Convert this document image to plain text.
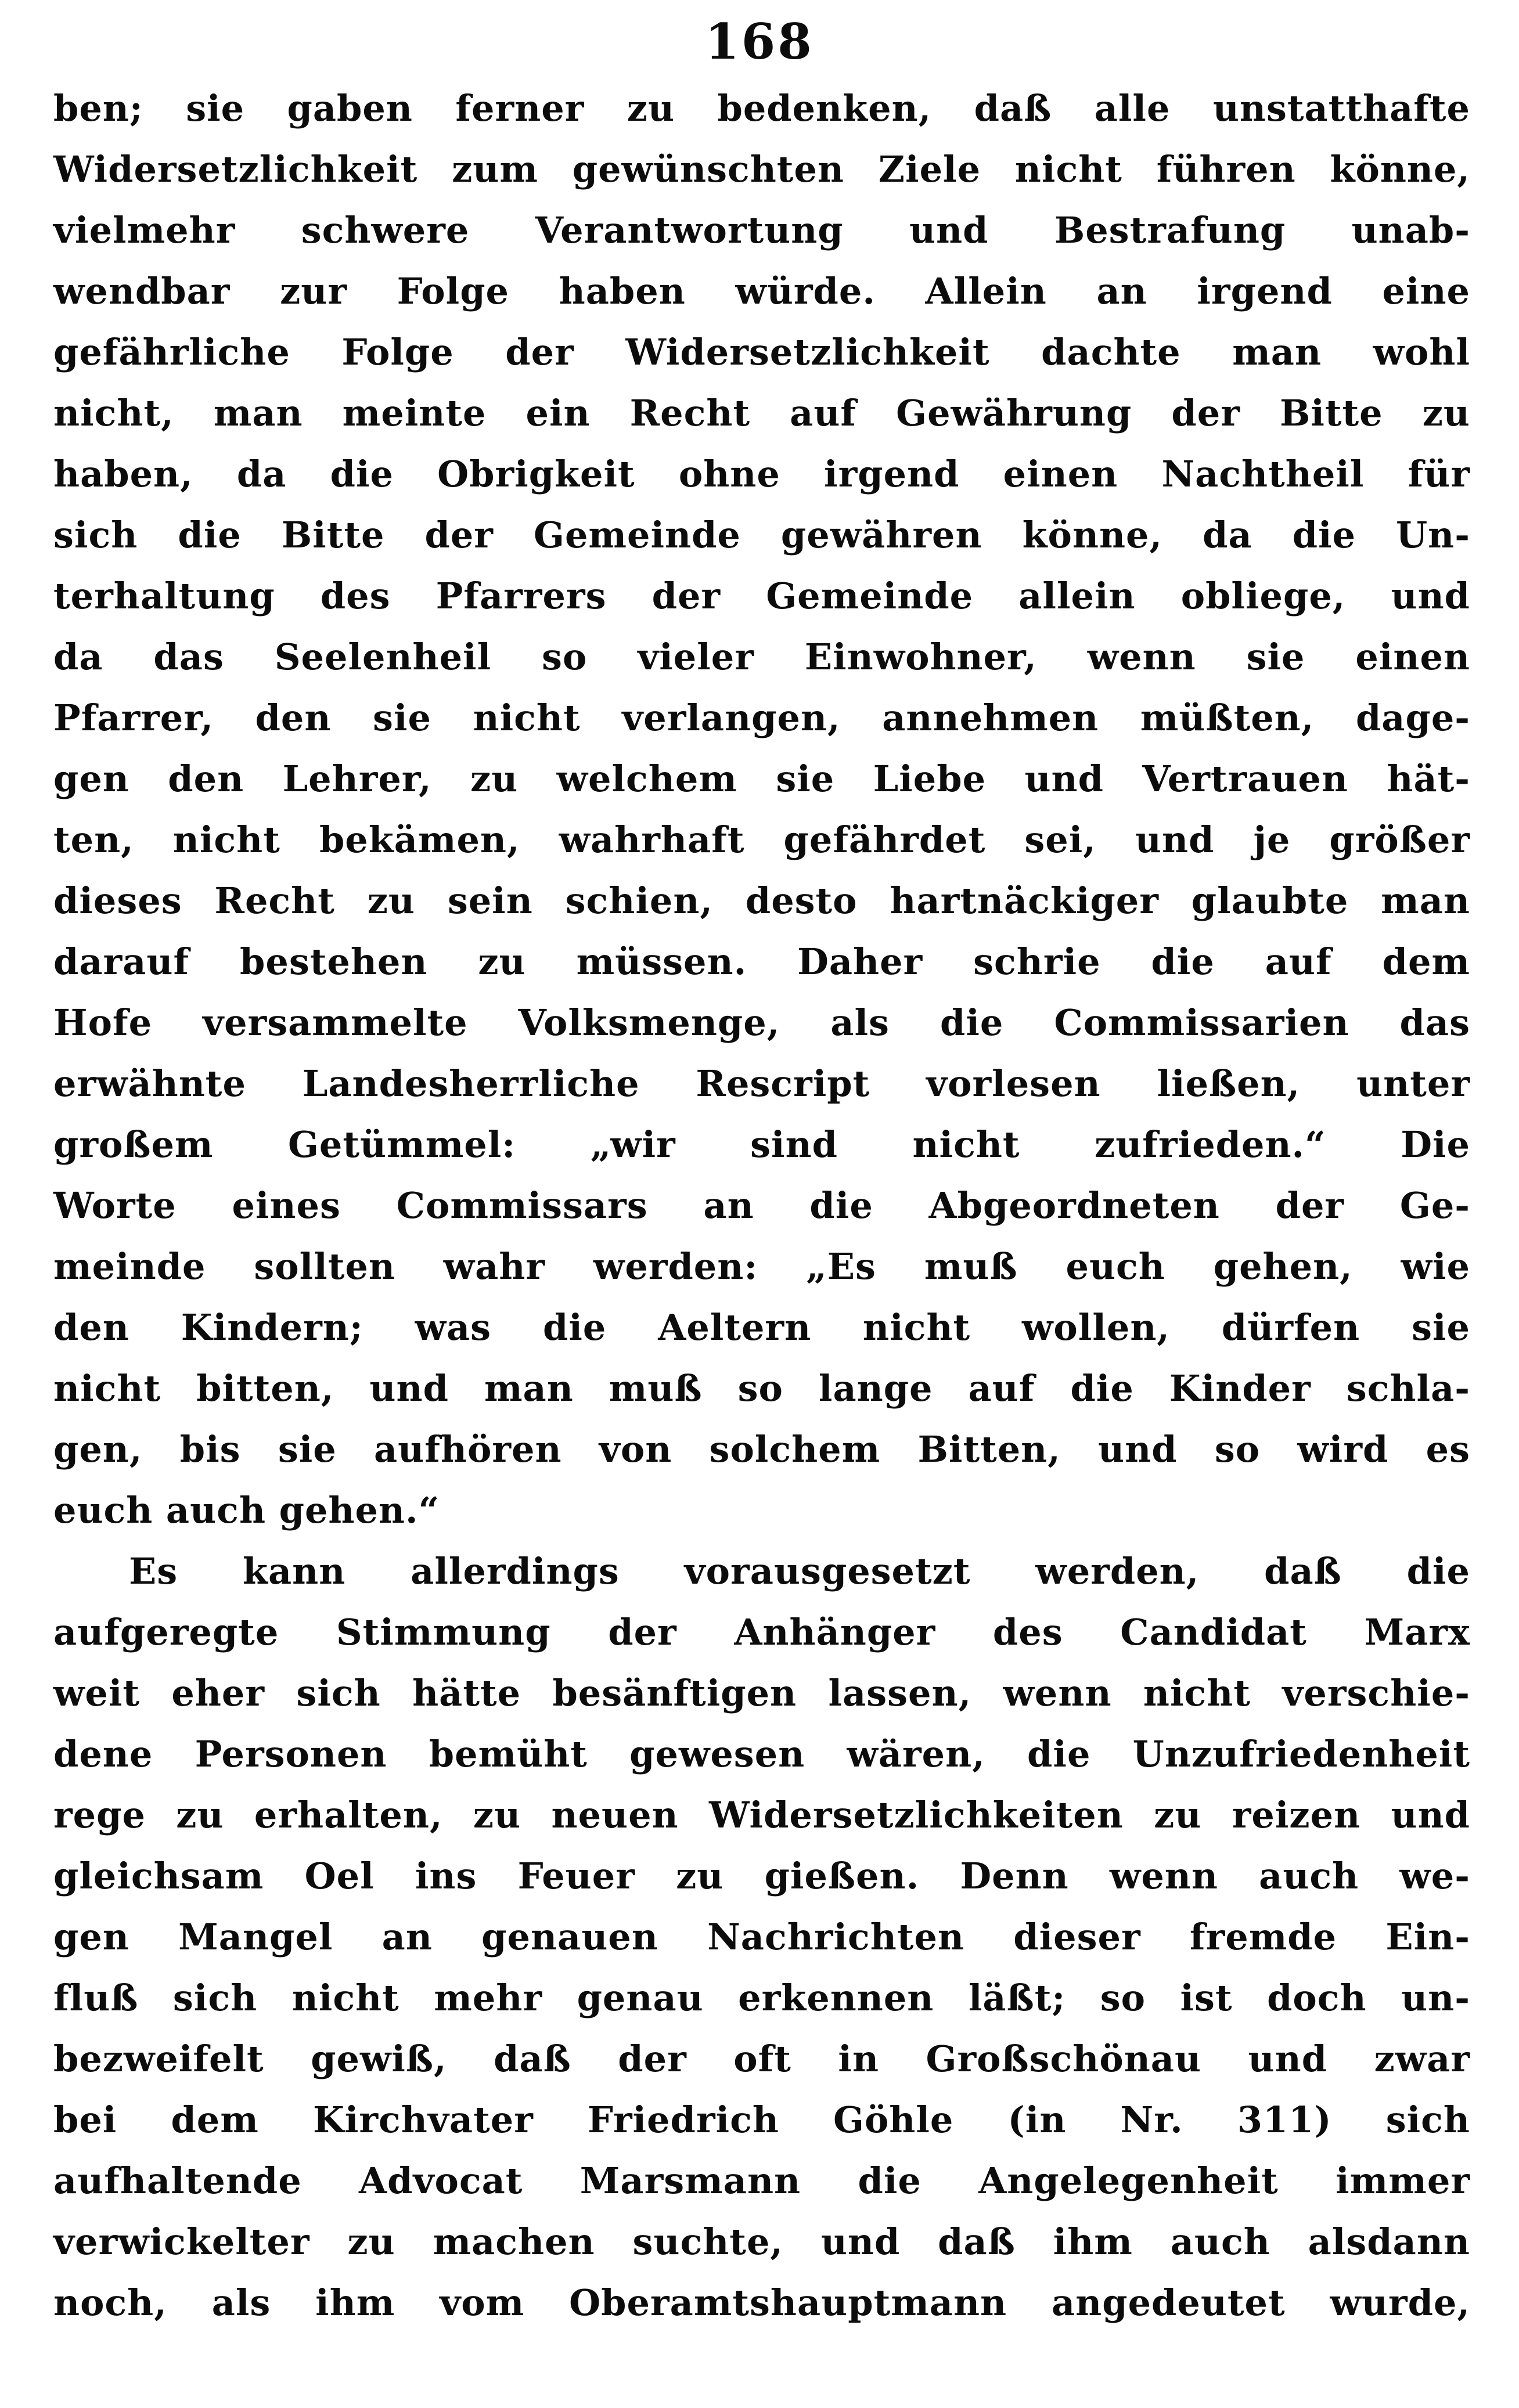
168
ben; sie gaben ferner zu bedenken, daß alle unstatthafte
Widersetzlichkeit zum gewünschten Ziele nicht führen könne,
vielmehr schwere Verantwortung und Bestrafung unab-
wendbar zur Folge haben würde. Allein an irgend eine
gefährliche Folge der Widersetzlichkeit dachte man wohl
nicht, man meinte ein Recht auf Gewährung der Bitte zu
haben, da die Obrigkeit ohne irgend einen Nachtheil für
sich die Bitte der Gemeinde gewähren könne, da die Un-
terhaltung des Pfarrers der Gemeinde allein obliege, und
da das Seelenheil so vieler Einwohner, wenn sie einen
Pfarrer, den sie nicht verlangen, annehmen müßten, dage-
gen den Lehrer, zu welchem sie Liebe und Vertrauen hät-
ten, nicht bekämen, wahrhaft gefährdet sei, und je größer
dieses Recht zu sein schien, desto hartnäckiger glaubte man
darauf bestehen zu müssen. Daher schrie die auf dem
Hofe versammelte Volksmenge, als die Commissarien das
erwähnte Landesherrliche Rescript vorlesen ließen, unter
großem Getümmel: „wir sind nicht zufrieden.“ Die
Worte eines Commissars an die Abgeordneten der Ge-
meinde sollten wahr werden: „Es muß euch gehen, wie
den Kindern; was die Aeltern nicht wollen, dürfen sie
nicht bitten, und man muß so lange auf die Kinder schla-
gen, bis sie aufhören von solchem Bitten, und so wird es
euch auch gehen.“
Es kann allerdings vorausgesetzt werden, daß die
aufgeregte Stimmung der Anhänger des Candidat Marx
weit eher sich hätte besänftigen lassen, wenn nicht verschie-
dene Personen bemüht gewesen wären, die Unzufriedenheit
rege zu erhalten, zu neuen Widersetzlichkeiten zu reizen und
gleichsam Oel ins Feuer zu gießen. Denn wenn auch we-
gen Mangel an genauen Nachrichten dieser fremde Ein-
fluß sich nicht mehr genau erkennen läßt; so ist doch un-
bezweifelt gewiß, daß der oft in Großschönau und zwar
bei dem Kirchvater Friedrich Göhle (in Nr. 311) sich
aufhaltende Advocat Marsmann die Angelegenheit immer
verwickelter zu machen suchte, und daß ihm auch alsdann
noch, als ihm vom Oberamtshauptmann angedeutet wurde,
